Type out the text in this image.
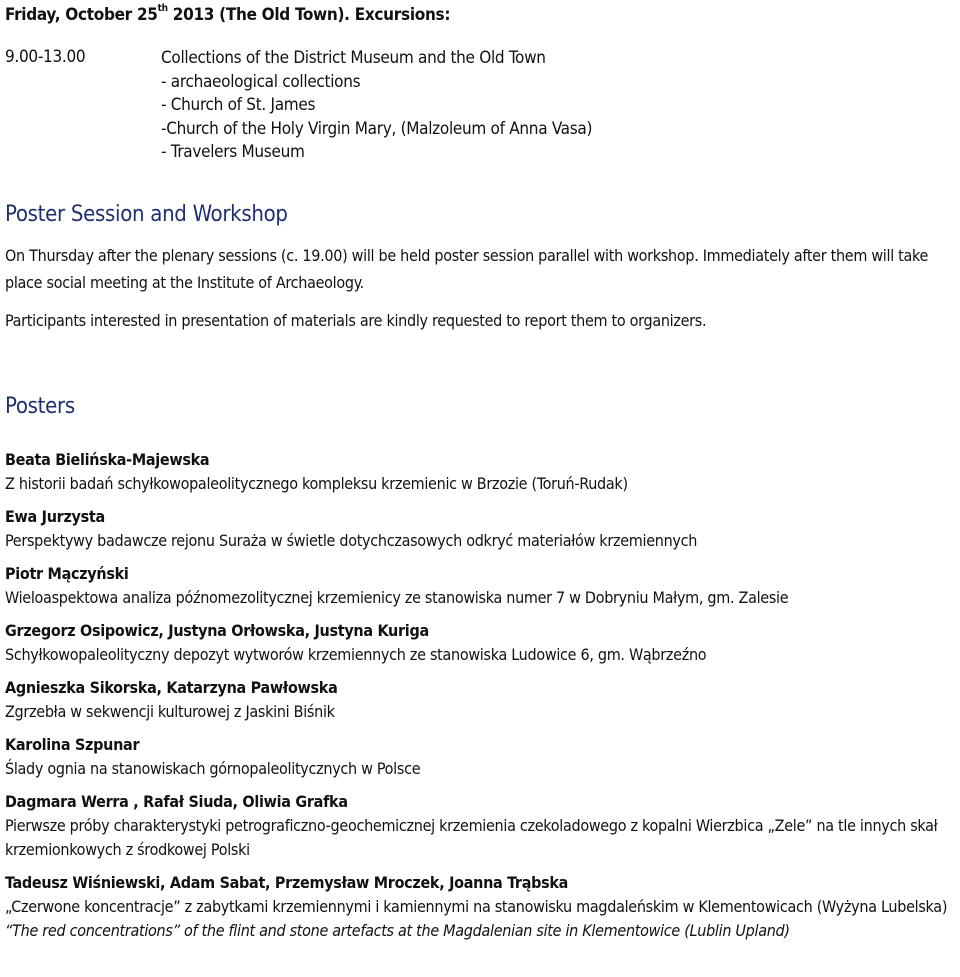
Friday, October 25th 2013 (The Old Town). Excursions:
9.00-13.00	Collections of the District Museum and the Old Town
- archaeological collections
- Church of St. James
-Church of the Holy Virgin Mary, (Malzoleum of Anna Vasa)
- Travelers Museum
Poster Session and Workshop

On Thursday after the plenary sessions (c. 19.00) will be held poster session parallel with workshop. Immediately after them will take place social meeting at the Institute of Archaeology.

Participants interested in presentation of materials are kindly requested to report them to organizers.

Posters
Beata Bielińska-Majewska
Z historii badań schyłkowopaleolitycznego kompleksu krzemienic w Brzozie (Toruń-Rudak)
Ewa Jurzysta
Perspektywy badawcze rejonu Suraża w świetle dotychczasowych odkryć materiałów krzemiennych
Piotr Mączyński
Wieloaspektowa analiza późnomezolitycznej krzemienicy ze stanowiska numer 7 w Dobryniu Małym, gm. Zalesie
Grzegorz Osipowicz, Justyna Orłowska, Justyna Kuriga
Schyłkowopaleolityczny depozyt wytworów krzemiennych ze stanowiska Ludowice 6, gm. Wąbrzeźno
Agnieszka Sikorska, Katarzyna Pawłowska
Zgrzebła w sekwencji kulturowej z Jaskini Biśnik
Karolina Szpunar
Ślady ognia na stanowiskach górnopaleolitycznych w Polsce
Dagmara Werra , Rafał Siuda, Oliwia Grafka
Pierwsze próby charakterystyki petrograficzno-geochemicznej krzemienia czekoladowego z kopalni Wierzbica „Zele” na tle innych skał krzemionkowych z środkowej Polski
Tadeusz Wiśniewski, Adam Sabat, Przemysław Mroczek, Joanna Trąbska
„Czerwone koncentracje” z zabytkami krzemiennymi i kamiennymi na stanowisku magdaleńskim w Klementowicach (Wyżyna Lubelska)
“The red concentrations” of the flint and stone artefacts at the Magdalenian site in Klementowice (Lublin Upland)
